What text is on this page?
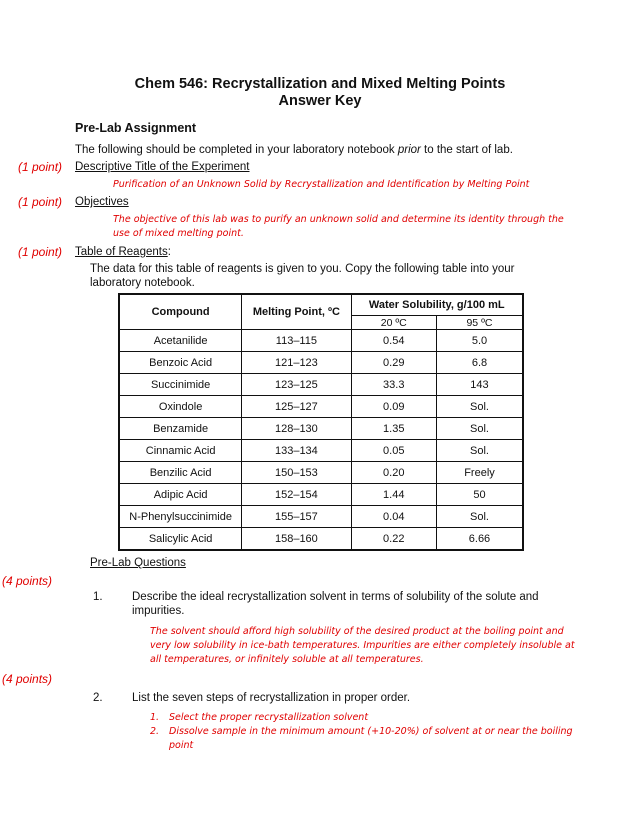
Chem 546: Recrystallization and Mixed Melting Points
Answer Key
Pre-Lab Assignment
The following should be completed in your laboratory notebook prior to the start of lab.
(1 point) Descriptive Title of the Experiment
Purification of an Unknown Solid by Recrystallization and Identification by Melting Point
(1 point) Objectives
The objective of this lab was to purify an unknown solid and determine its identity through the
use of mixed melting point.
(1 point) Table of Reagents:
The data for this table of reagents is given to you. Copy the following table into your
laboratory notebook.
Compound	Melting Point, ºC	Water Solubility, g/100 mL	
		20 ºC	95 ºC
Acetanilide	113–115	0.54	5.0
Benzoic Acid	121–123	0.29	6.8
Succinimide	123–125	33.3	143
Oxindole	125–127	0.09	Sol.
Benzamide	128–130	1.35	Sol.
Cinnamic Acid	133–134	0.05	Sol.
Benzilic Acid	150–153	0.20	Freely
Adipic Acid	152–154	1.44	50
N-Phenylsuccinimide	155–157	0.04	Sol.
Salicylic Acid	158–160	0.22	6.66
Pre-Lab Questions
(4 points)
1.	Describe the ideal recrystallization solvent in terms of solubility of the solute and
impurities.
The solvent should afford high solubility of the desired product at the boiling point and
very low solubility in ice-bath temperatures. Impurities are either completely insoluble at
all temperatures, or infinitely soluble at all temperatures.
(4 points)
2.	List the seven steps of recrystallization in proper order.
1. Select the proper recrystallization solvent
2. Dissolve sample in the minimum amount (+10-20%) of solvent at or near the boiling
point
